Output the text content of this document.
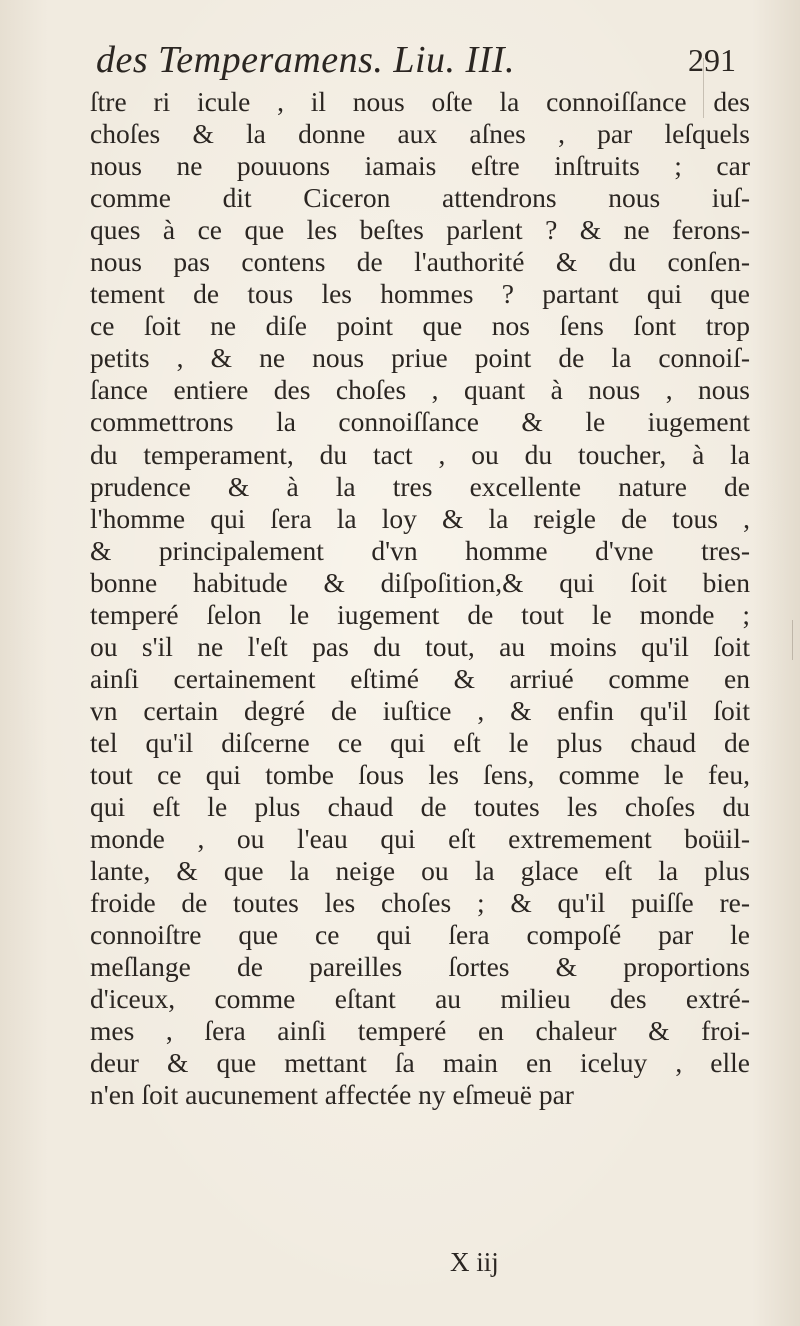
des Temperamens. Liu. III.	291
ſtre ri icule , il nous oſte la connoiſſance des
choſes & la donne aux aſnes , par leſquels
nous ne pouuons iamais eſtre inſtruits ; car
comme dit Ciceron attendrons nous iuſ-
ques à ce que les beſtes parlent ? & ne ferons-
nous pas contens de l'authorité & du conſen-
tement de tous les hommes ? partant qui que
ce ſoit ne diſe point que nos ſens ſont trop
petits , & ne nous priue point de la connoiſ-
ſance entiere des choſes , quant à nous , nous
commettrons la connoiſſance & le iugement
du temperament, du tact , ou du toucher, à la
prudence & à la tres excellente nature de
l'homme qui ſera la loy & la reigle de tous ,
& principalement d'vn homme d'vne tres-
bonne habitude & diſpoſition,& qui ſoit bien
temperé ſelon le iugement de tout le monde ;
ou s'il ne l'eſt pas du tout, au moins qu'il ſoit
ainſi certainement eſtimé & arriué comme en
vn certain degré de iuſtice , & enfin qu'il ſoit
tel qu'il diſcerne ce qui eſt le plus chaud de
tout ce qui tombe ſous les ſens, comme le feu,
qui eſt le plus chaud de toutes les choſes du
monde , ou l'eau qui eſt extremement boüil-
lante, & que la neige ou la glace eſt la plus
froide de toutes les choſes ; & qu'il puiſſe re-
connoiſtre que ce qui ſera compoſé par le
meſlange de pareilles ſortes & proportions
d'iceux, comme eſtant au milieu des extré-
mes , ſera ainſi temperé en chaleur & froi-
deur & que mettant ſa main en iceluy , elle
n'en ſoit aucunement affectée ny eſmeuë par
X iij
